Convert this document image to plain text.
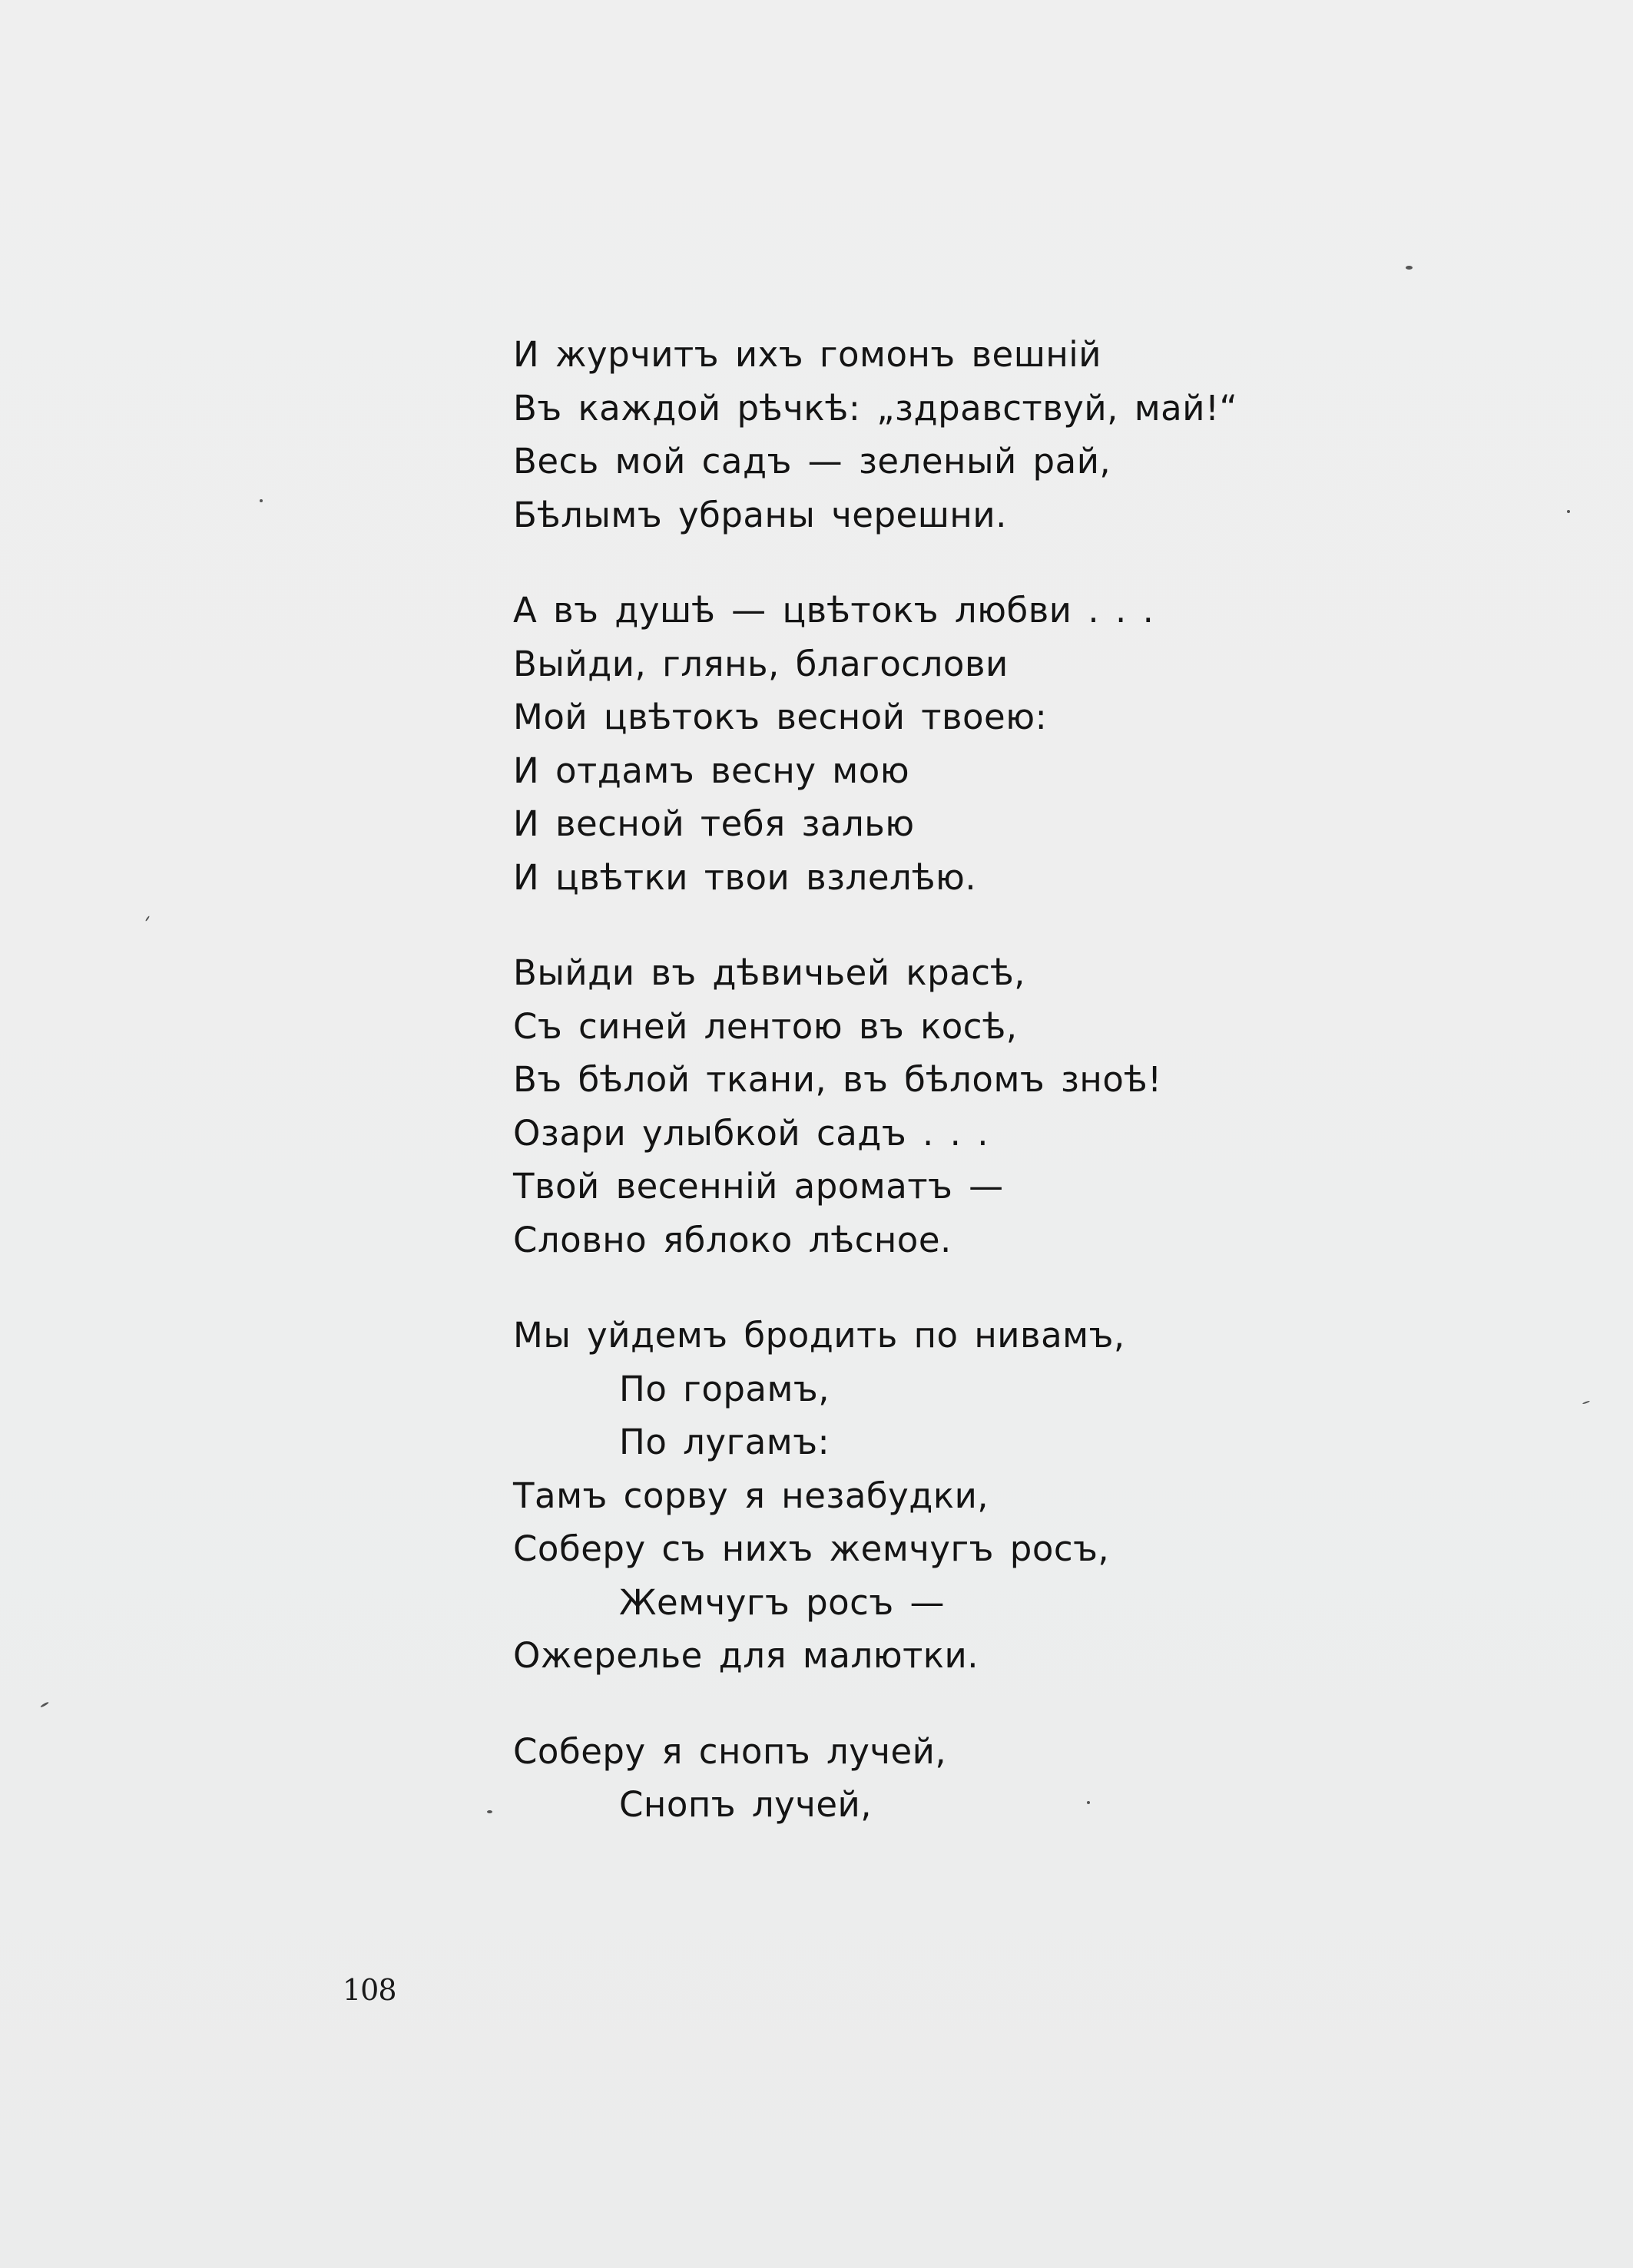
И журчитъ ихъ гомонъ вешній
Въ каждой рѣчкѣ: „здравствуй, май!“
Весь мой садъ — зеленый рай,
Бѣлымъ убраны черешни.
А въ душѣ — цвѣтокъ любви . . .
Выйди, глянь, благослови
Мой цвѣтокъ весной твоею:
И отдамъ весну мою
И весной тебя залью
И цвѣтки твои взлелѣю.
Выйди въ дѣвичьей красѣ,
Съ синей лентою въ косѣ,
Въ бѣлой ткани, въ бѣломъ зноѣ!
Озари улыбкой садъ . . .
Твой весенній ароматъ —
Словно яблоко лѣсное.
Мы уйдемъ бродить по нивамъ,
По горамъ,
По лугамъ:
Тамъ сорву я незабудки,
Соберу съ нихъ жемчугъ росъ,
Жемчугъ росъ —
Ожерелье для малютки.
Соберу я снопъ лучей,
Снопъ лучей,
108
